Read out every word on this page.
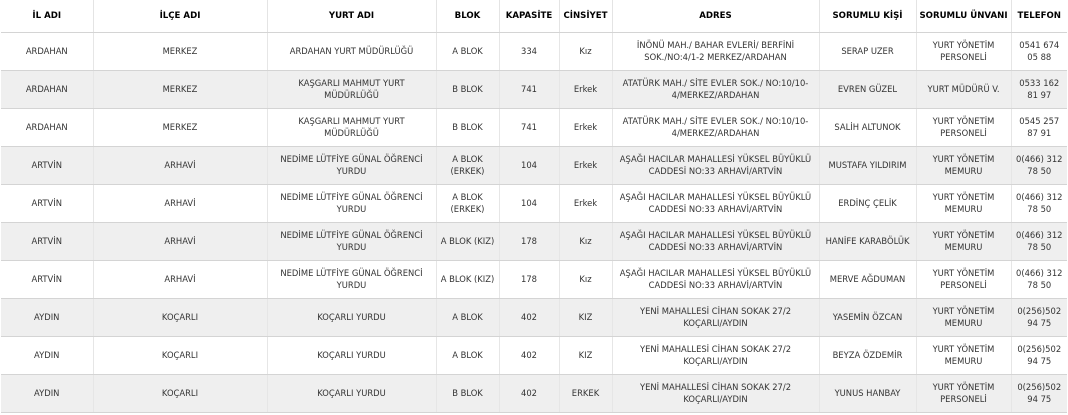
İL ADI	İLÇE ADI	YURT ADI	BLOK	KAPASİTE	CİNSİYET	ADRES	SORUMLU KİŞİ	SORUMLU ÜNVANI	TELEFON
ARDAHAN	MERKEZ	ARDAHAN YURT MÜDÜRLÜĞÜ	A BLOK	334	Kız	İNÖNÜ MAH./ BAHAR EVLERİ/ BERFİNİ SOK./NO:4/1-2 MERKEZ/ARDAHAN	SERAP UZER	YURT YÖNETİM PERSONELİ	0541 674 05 88
ARDAHAN	MERKEZ	KAŞGARLI MAHMUT YURT MÜDÜRLÜĞÜ	B BLOK	741	Erkek	ATATÜRK MAH./ SİTE EVLER SOK./ NO:10/10-4/MERKEZ/ARDAHAN	EVREN GÜZEL	YURT MÜDÜRÜ V.	0533 162 81 97
ARDAHAN	MERKEZ	KAŞGARLI MAHMUT YURT MÜDÜRLÜĞÜ	B BLOK	741	Erkek	ATATÜRK MAH./ SİTE EVLER SOK./ NO:10/10-4/MERKEZ/ARDAHAN	SALİH ALTUNOK	YURT YÖNETİM PERSONELİ	0545 257 87 91
ARTVİN	ARHAVİ	NEDİME LÜTFİYE GÜNAL ÖĞRENCİ YURDU	A BLOK (ERKEK)	104	Erkek	AŞAĞI HACILAR MAHALLESİ YÜKSEL BÜYÜKLÜ CADDESİ NO:33 ARHAVİ/ARTVİN	MUSTAFA YILDIRIM	YURT YÖNETİM MEMURU	0(466) 312 78 50
ARTVİN	ARHAVİ	NEDİME LÜTFİYE GÜNAL ÖĞRENCİ YURDU	A BLOK (ERKEK)	104	Erkek	AŞAĞI HACILAR MAHALLESİ YÜKSEL BÜYÜKLÜ CADDESİ NO:33 ARHAVİ/ARTVİN	ERDİNÇ ÇELİK	YURT YÖNETİM MEMURU	0(466) 312 78 50
ARTVİN	ARHAVİ	NEDİME LÜTFİYE GÜNAL ÖĞRENCİ YURDU	A BLOK (KIZ)	178	Kız	AŞAĞI HACILAR MAHALLESİ YÜKSEL BÜYÜKLÜ CADDESİ NO:33 ARHAVİ/ARTVİN	HANİFE KARABÖLÜK	YURT YÖNETİM MEMURU	0(466) 312 78 50
ARTVİN	ARHAVİ	NEDİME LÜTFİYE GÜNAL ÖĞRENCİ YURDU	A BLOK (KIZ)	178	Kız	AŞAĞI HACILAR MAHALLESİ YÜKSEL BÜYÜKLÜ CADDESİ NO:33 ARHAVİ/ARTVİN	MERVE AĞDUMAN	YURT YÖNETİM PERSONELİ	0(466) 312 78 50
AYDIN	KOÇARLI	KOÇARLI YURDU	A BLOK	402	KIZ	YENİ MAHALLESİ CİHAN SOKAK 27/2 KOÇARLI/AYDIN	YASEMİN ÖZCAN	YURT YÖNETİM MEMURU	0(256)502 94 75
AYDIN	KOÇARLI	KOÇARLI YURDU	A BLOK	402	KIZ	YENİ MAHALLESİ CİHAN SOKAK 27/2 KOÇARLI/AYDIN	BEYZA ÖZDEMİR	YURT YÖNETİM MEMURU	0(256)502 94 75
AYDIN	KOÇARLI	KOÇARLI YURDU	B BLOK	402	ERKEK	YENİ MAHALLESİ CİHAN SOKAK 27/2 KOÇARLI/AYDIN	YUNUS HANBAY	YURT YÖNETİM PERSONELİ	0(256)502 94 75
